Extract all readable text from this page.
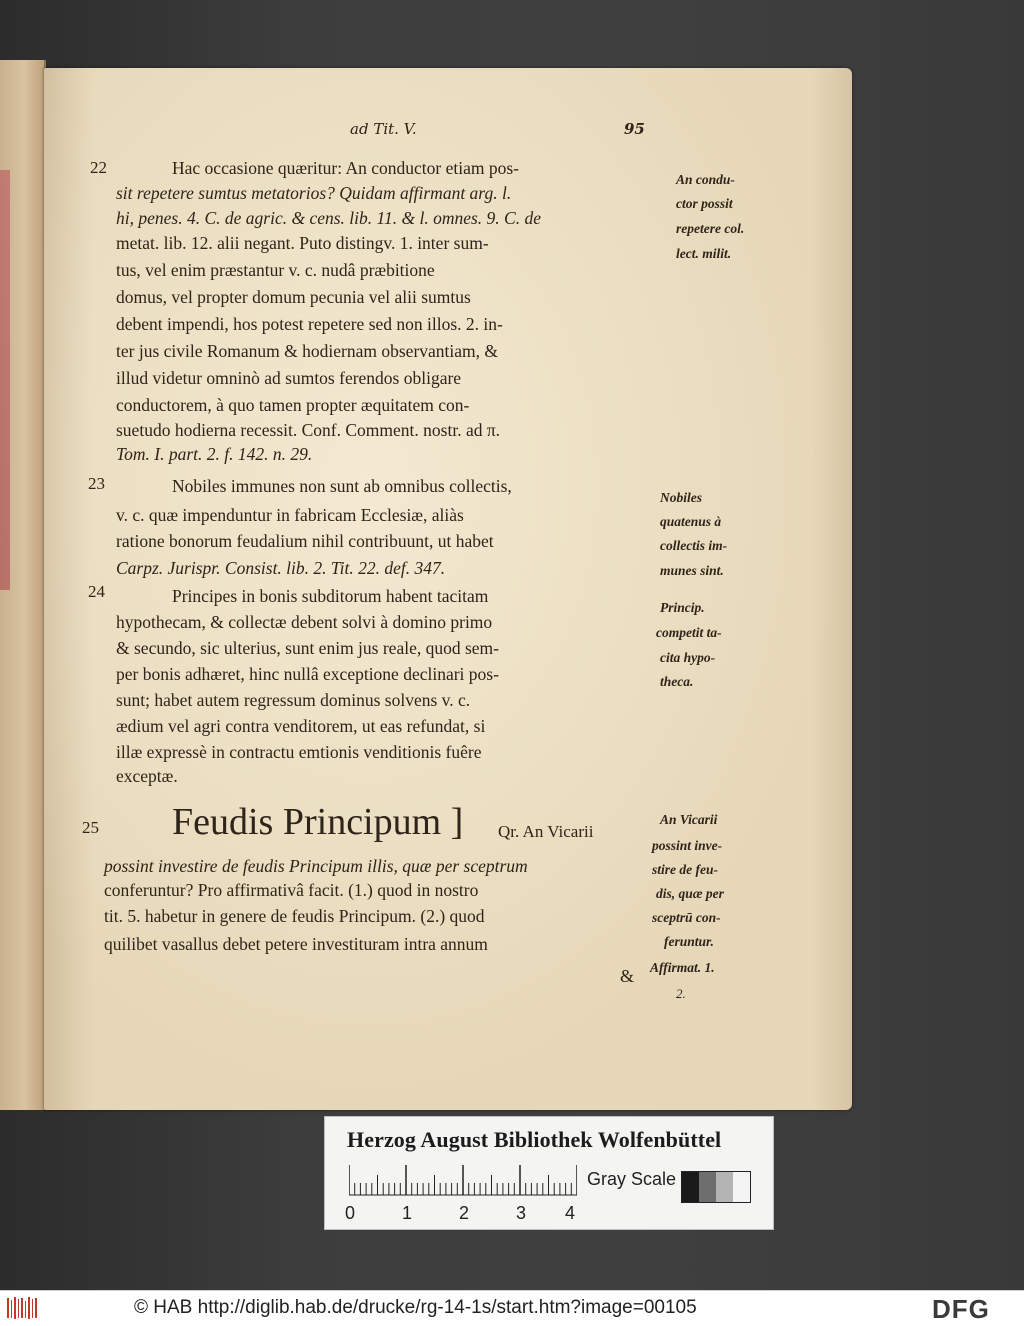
ad Tit. V.	95
22
23
24
25
Hac occasione quæritur: An conductor etiam pos-
sit repetere sumtus metatorios? Quidam affirmant arg. l.
hi, penes. 4. C. de agric. & cens. lib. 11. & l. omnes. 9. C. de
metat. lib. 12. alii negant. Puto distingv. 1. inter sum-
tus, vel enim præstantur v. c. nudâ præbitione
domus, vel propter domum pecunia vel alii sumtus
debent impendi, hos potest repetere sed non illos. 2. in-
ter jus civile Romanum & hodiernam observantiam, &
illud videtur omninò ad sumtos ferendos obligare
conductorem, à quo tamen propter æquitatem con-
suetudo hodierna recessit. Conf. Comment. nostr. ad π.
Tom. I. part. 2. f. 142. n. 29.
Nobiles immunes non sunt ab omnibus collectis,
v. c. quæ impenduntur in fabricam Ecclesiæ, aliàs
ratione bonorum feudalium nihil contribuunt, ut habet
Carpz. Jurispr. Consist. lib. 2. Tit. 22. def. 347.
Principes in bonis subditorum habent tacitam
hypothecam, & collectæ debent solvi à domino primo
& secundo, sic ulterius, sunt enim jus reale, quod sem-
per bonis adhæret, hinc nullâ exceptione declinari pos-
sunt; habet autem regressum dominus solvens v. c.
ædium vel agri contra venditorem, ut eas refundat, si
illæ expressè in contractu emtionis venditionis fuêre
exceptæ.
Feudis Principum ] Qr. An Vicarii
possint investire de feudis Principum illis, quæ per sceptrum
conferuntur? Pro affirmativâ facit. (1.) quod in nostro
tit. 5. habetur in genere de feudis Principum. (2.) quod
quilibet vasallus debet petere investituram intra annum
&
An condu-
ctor possit
repetere col.
lect. milit.
Nobiles
quatenus à
collectis im-
munes sint.
Princip.
competit ta-
cita hypo-
theca.
An Vicarii
possint inve-
stire de feu-
dis, quæ per
sceptrū con-
feruntur.
Affirmat. 1.
2.
Herzog August Bibliothek Wolfenbüttel
0	1	2	3 4
Gray Scale
© HAB http://diglib.hab.de/drucke/rg-14-1s/start.htm?image=00105	DFG
